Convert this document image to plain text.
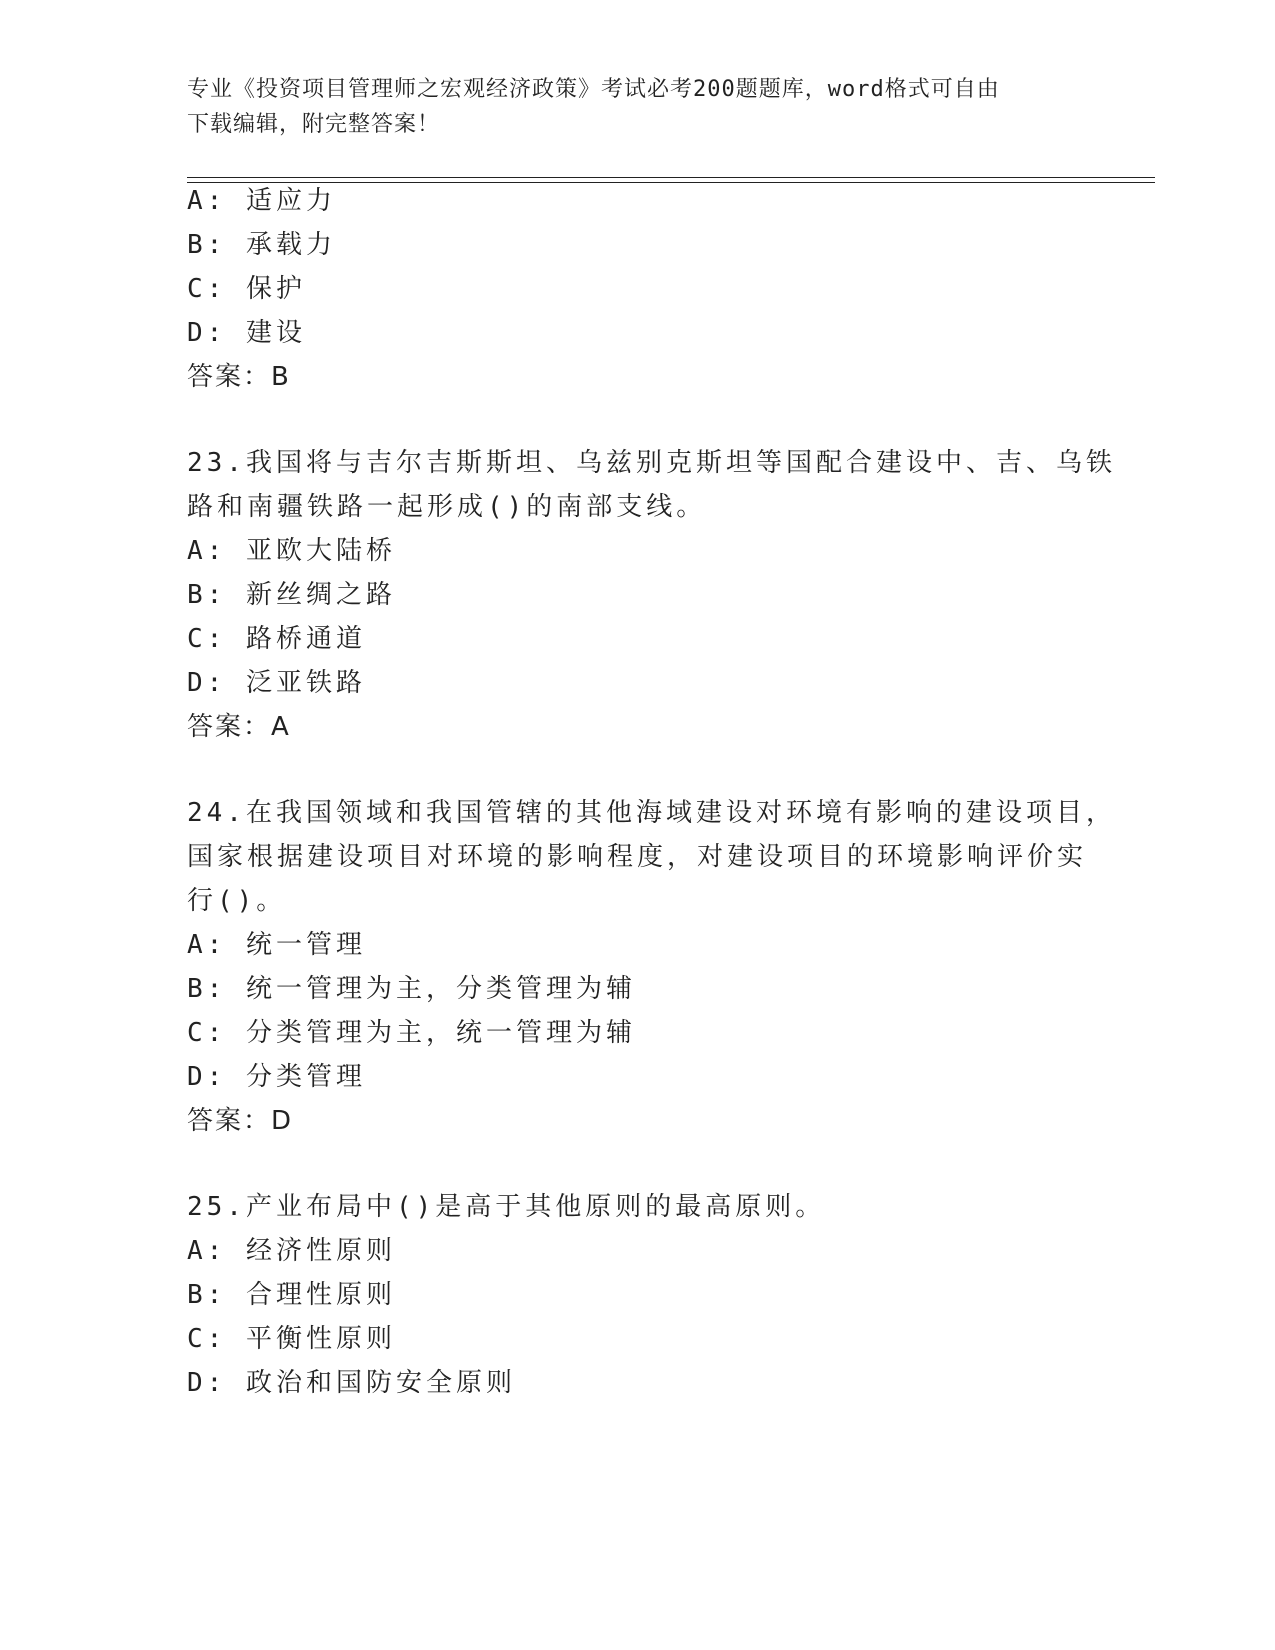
专业《投资项目管理师之宏观经济政策》考试必考200题题库，word格式可自由
下载编辑，附完整答案！
A: 适应力
B: 承载力
C: 保护
D: 建设
答案：B
23.我国将与吉尔吉斯斯坦、乌兹别克斯坦等国配合建设中、吉、乌铁
路和南疆铁路一起形成()的南部支线。
A: 亚欧大陆桥
B: 新丝绸之路
C: 路桥通道
D: 泛亚铁路
答案：A
24.在我国领域和我国管辖的其他海域建设对环境有影响的建设项目，
国家根据建设项目对环境的影响程度，对建设项目的环境影响评价实
行()。
A: 统一管理
B: 统一管理为主，分类管理为辅
C: 分类管理为主，统一管理为辅
D: 分类管理
答案：D
25.产业布局中()是高于其他原则的最高原则。
A: 经济性原则
B: 合理性原则
C: 平衡性原则
D: 政治和国防安全原则
